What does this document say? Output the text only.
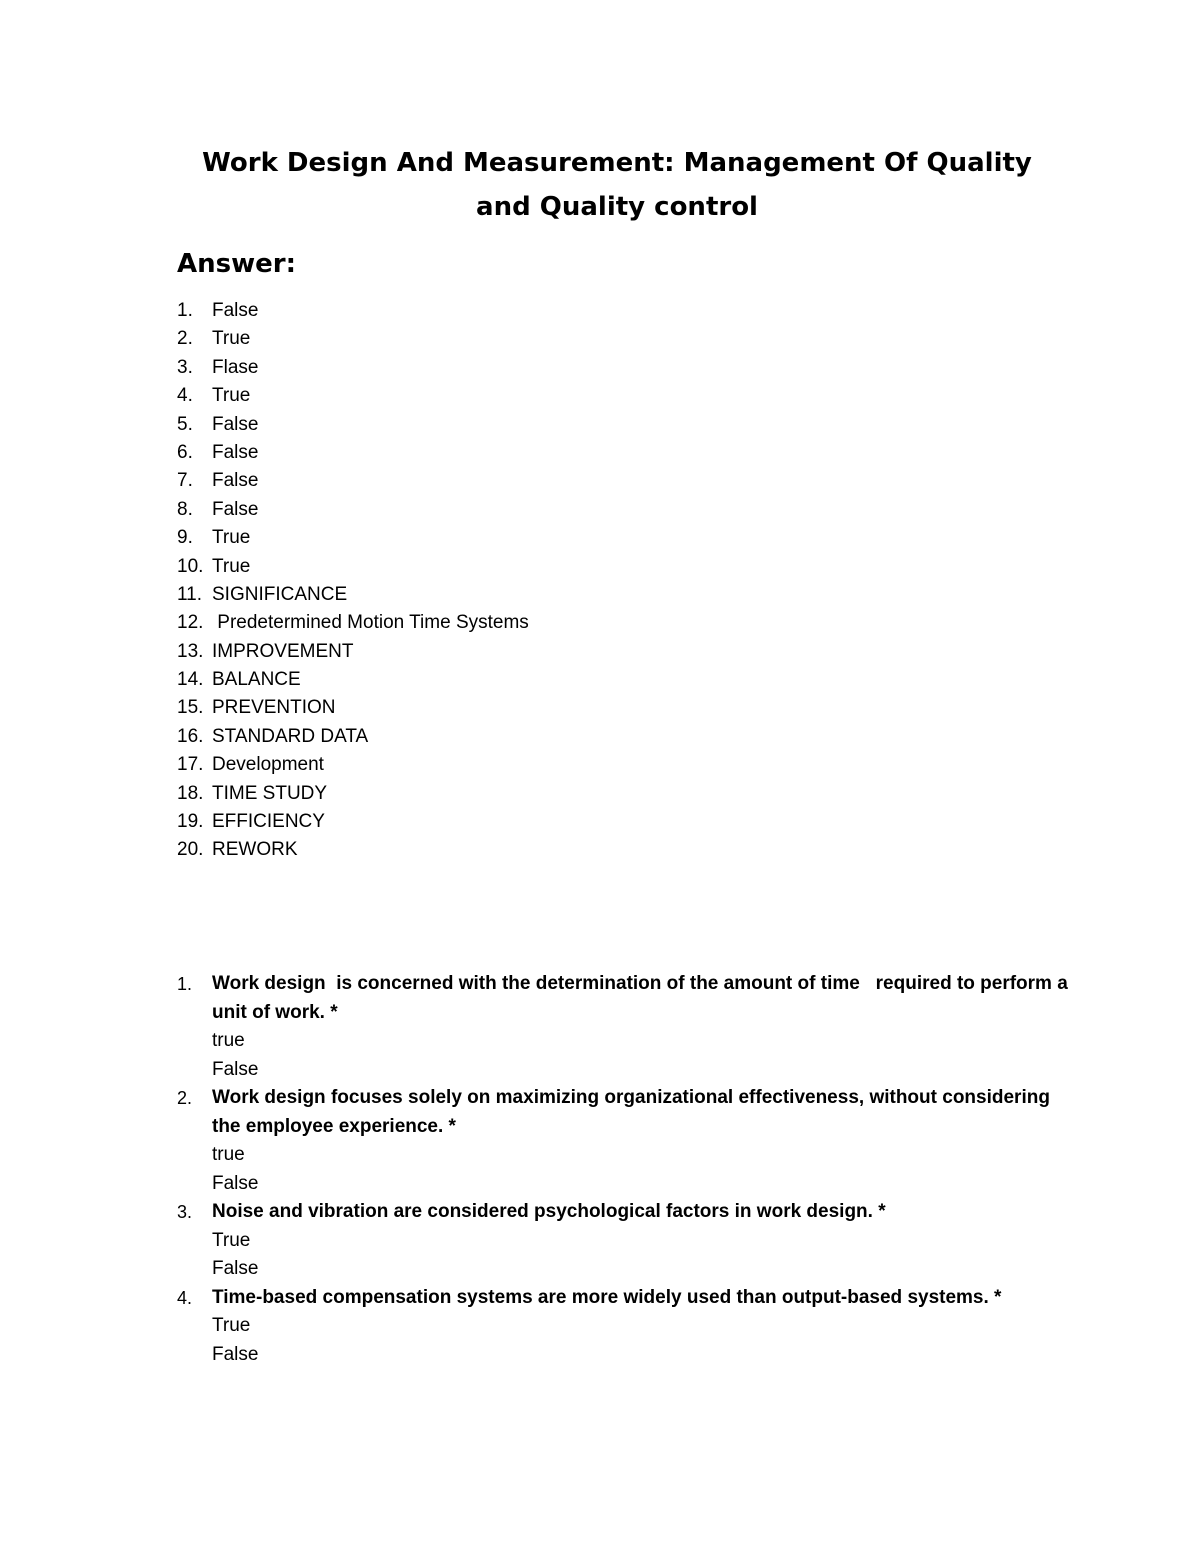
Work Design And Measurement: Management Of Quality
and Quality control
Answer:
1. False
2. True
3. Flase
4. True
5. False
6. False
7. False
8. False
9. True
10. True
11. SIGNIFICANCE
12. Predetermined Motion Time Systems
13. IMPROVEMENT
14. BALANCE
15. PREVENTION
16. STANDARD DATA
17. Development
18. TIME STUDY
19. EFFICIENCY
20. REWORK
1. Work design  is concerned with the determination of the amount of time   required to perform a unit of work. *
true
False
2. Work design focuses solely on maximizing organizational effectiveness, without considering the employee experience. *
true
False
3. Noise and vibration are considered psychological factors in work design. *
True
False
4. Time-based compensation systems are more widely used than output-based systems. *
True
False
